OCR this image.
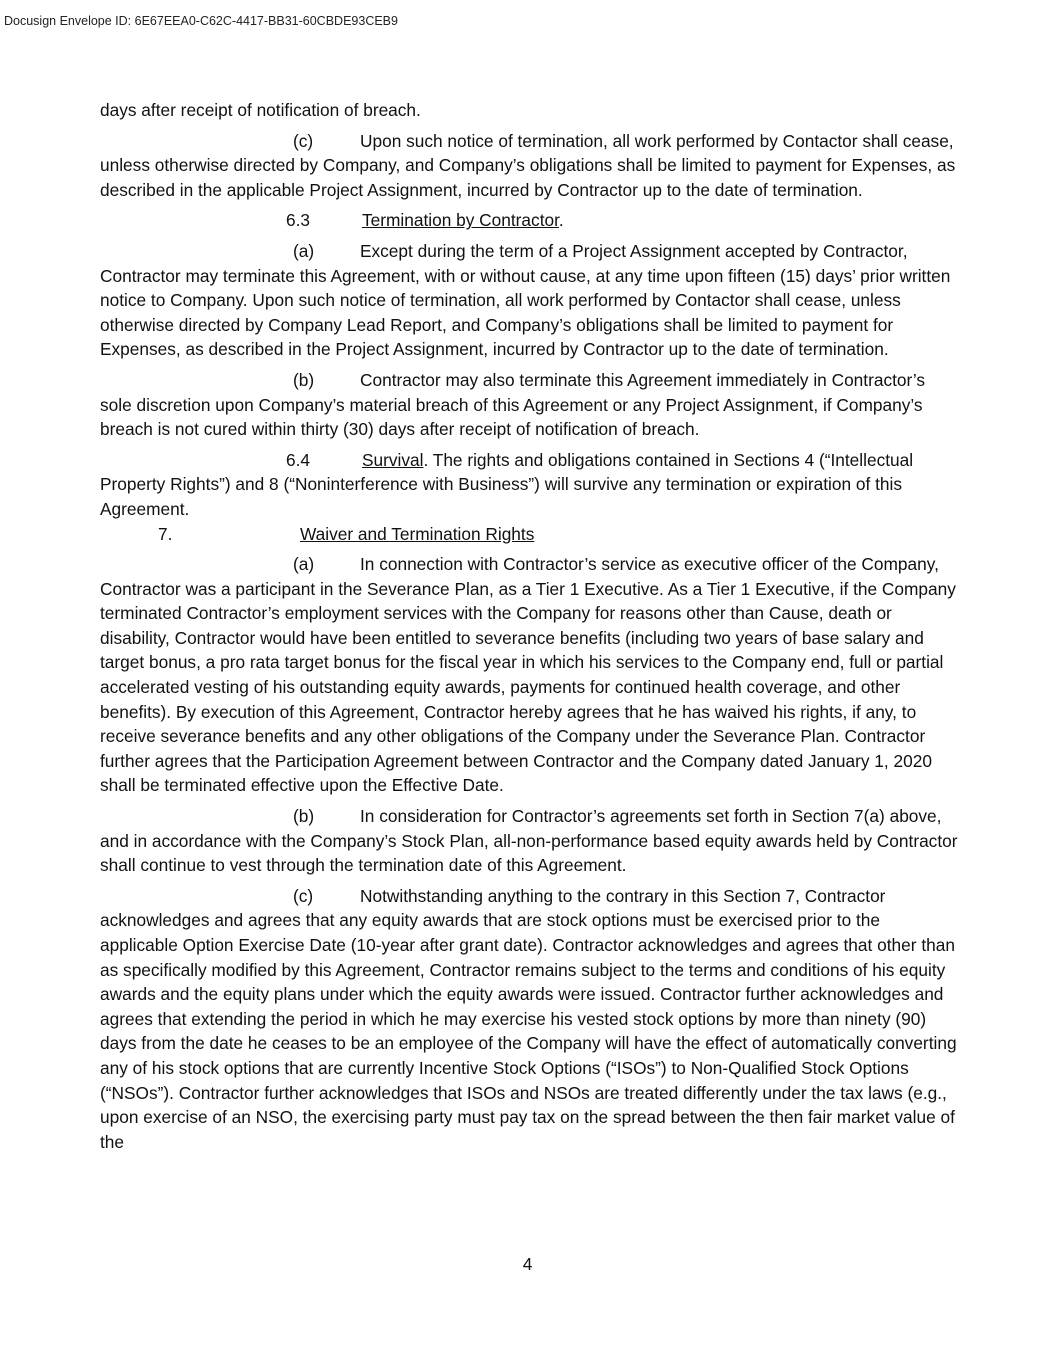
Docusign Envelope ID: 6E67EEA0-C62C-4417-BB31-60CBDE93CEB9

days after receipt of notification of breach.

(c)	Upon such notice of termination, all work performed by Contactor shall cease, unless otherwise directed by Company, and Company’s obligations shall be limited to payment for Expenses, as described in the applicable Project Assignment, incurred by Contractor up to the date of termination.

6.3	Termination by Contractor.

(a)	Except during the term of a Project Assignment accepted by Contractor, Contractor may terminate this Agreement, with or without cause, at any time upon fifteen (15) days’ prior written notice to Company. Upon such notice of termination, all work performed by Contactor shall cease, unless otherwise directed by Company Lead Report, and Company’s obligations shall be limited to payment for Expenses, as described in the Project Assignment, incurred by Contractor up to the date of termination.

(b)	Contractor may also terminate this Agreement immediately in Contractor’s sole discretion upon Company’s material breach of this Agreement or any Project Assignment, if Company’s breach is not cured within thirty (30) days after receipt of notification of breach.

6.4	Survival. The rights and obligations contained in Sections 4 (“Intellectual Property Rights”) and 8 (“Noninterference with Business”) will survive any termination or expiration of this Agreement.

7.	Waiver and Termination Rights

(a)	In connection with Contractor’s service as executive officer of the Company, Contractor was a participant in the Severance Plan, as a Tier 1 Executive. As a Tier 1 Executive, if the Company terminated Contractor’s employment services with the Company for reasons other than Cause, death or disability, Contractor would have been entitled to severance benefits (including two years of base salary and target bonus, a pro rata target bonus for the fiscal year in which his services to the Company end, full or partial accelerated vesting of his outstanding equity awards, payments for continued health coverage, and other benefits). By execution of this Agreement, Contractor hereby agrees that he has waived his rights, if any, to receive severance benefits and any other obligations of the Company under the Severance Plan. Contractor further agrees that the Participation Agreement between Contractor and the Company dated January 1, 2020 shall be terminated effective upon the Effective Date.

(b)	In consideration for Contractor’s agreements set forth in Section 7(a) above, and in accordance with the Company’s Stock Plan, all-non-performance based equity awards held by Contractor shall continue to vest through the termination date of this Agreement.

(c)	Notwithstanding anything to the contrary in this Section 7, Contractor acknowledges and agrees that any equity awards that are stock options must be exercised prior to the applicable Option Exercise Date (10-year after grant date). Contractor acknowledges and agrees that other than as specifically modified by this Agreement, Contractor remains subject to the terms and conditions of his equity awards and the equity plans under which the equity awards were issued. Contractor further acknowledges and agrees that extending the period in which he may exercise his vested stock options by more than ninety (90) days from the date he ceases to be an employee of the Company will have the effect of automatically converting any of his stock options that are currently Incentive Stock Options (“ISOs”) to Non-Qualified Stock Options (“NSOs”). Contractor further acknowledges that ISOs and NSOs are treated differently under the tax laws (e.g., upon exercise of an NSO, the exercising party must pay tax on the spread between the then fair market value of the

4
